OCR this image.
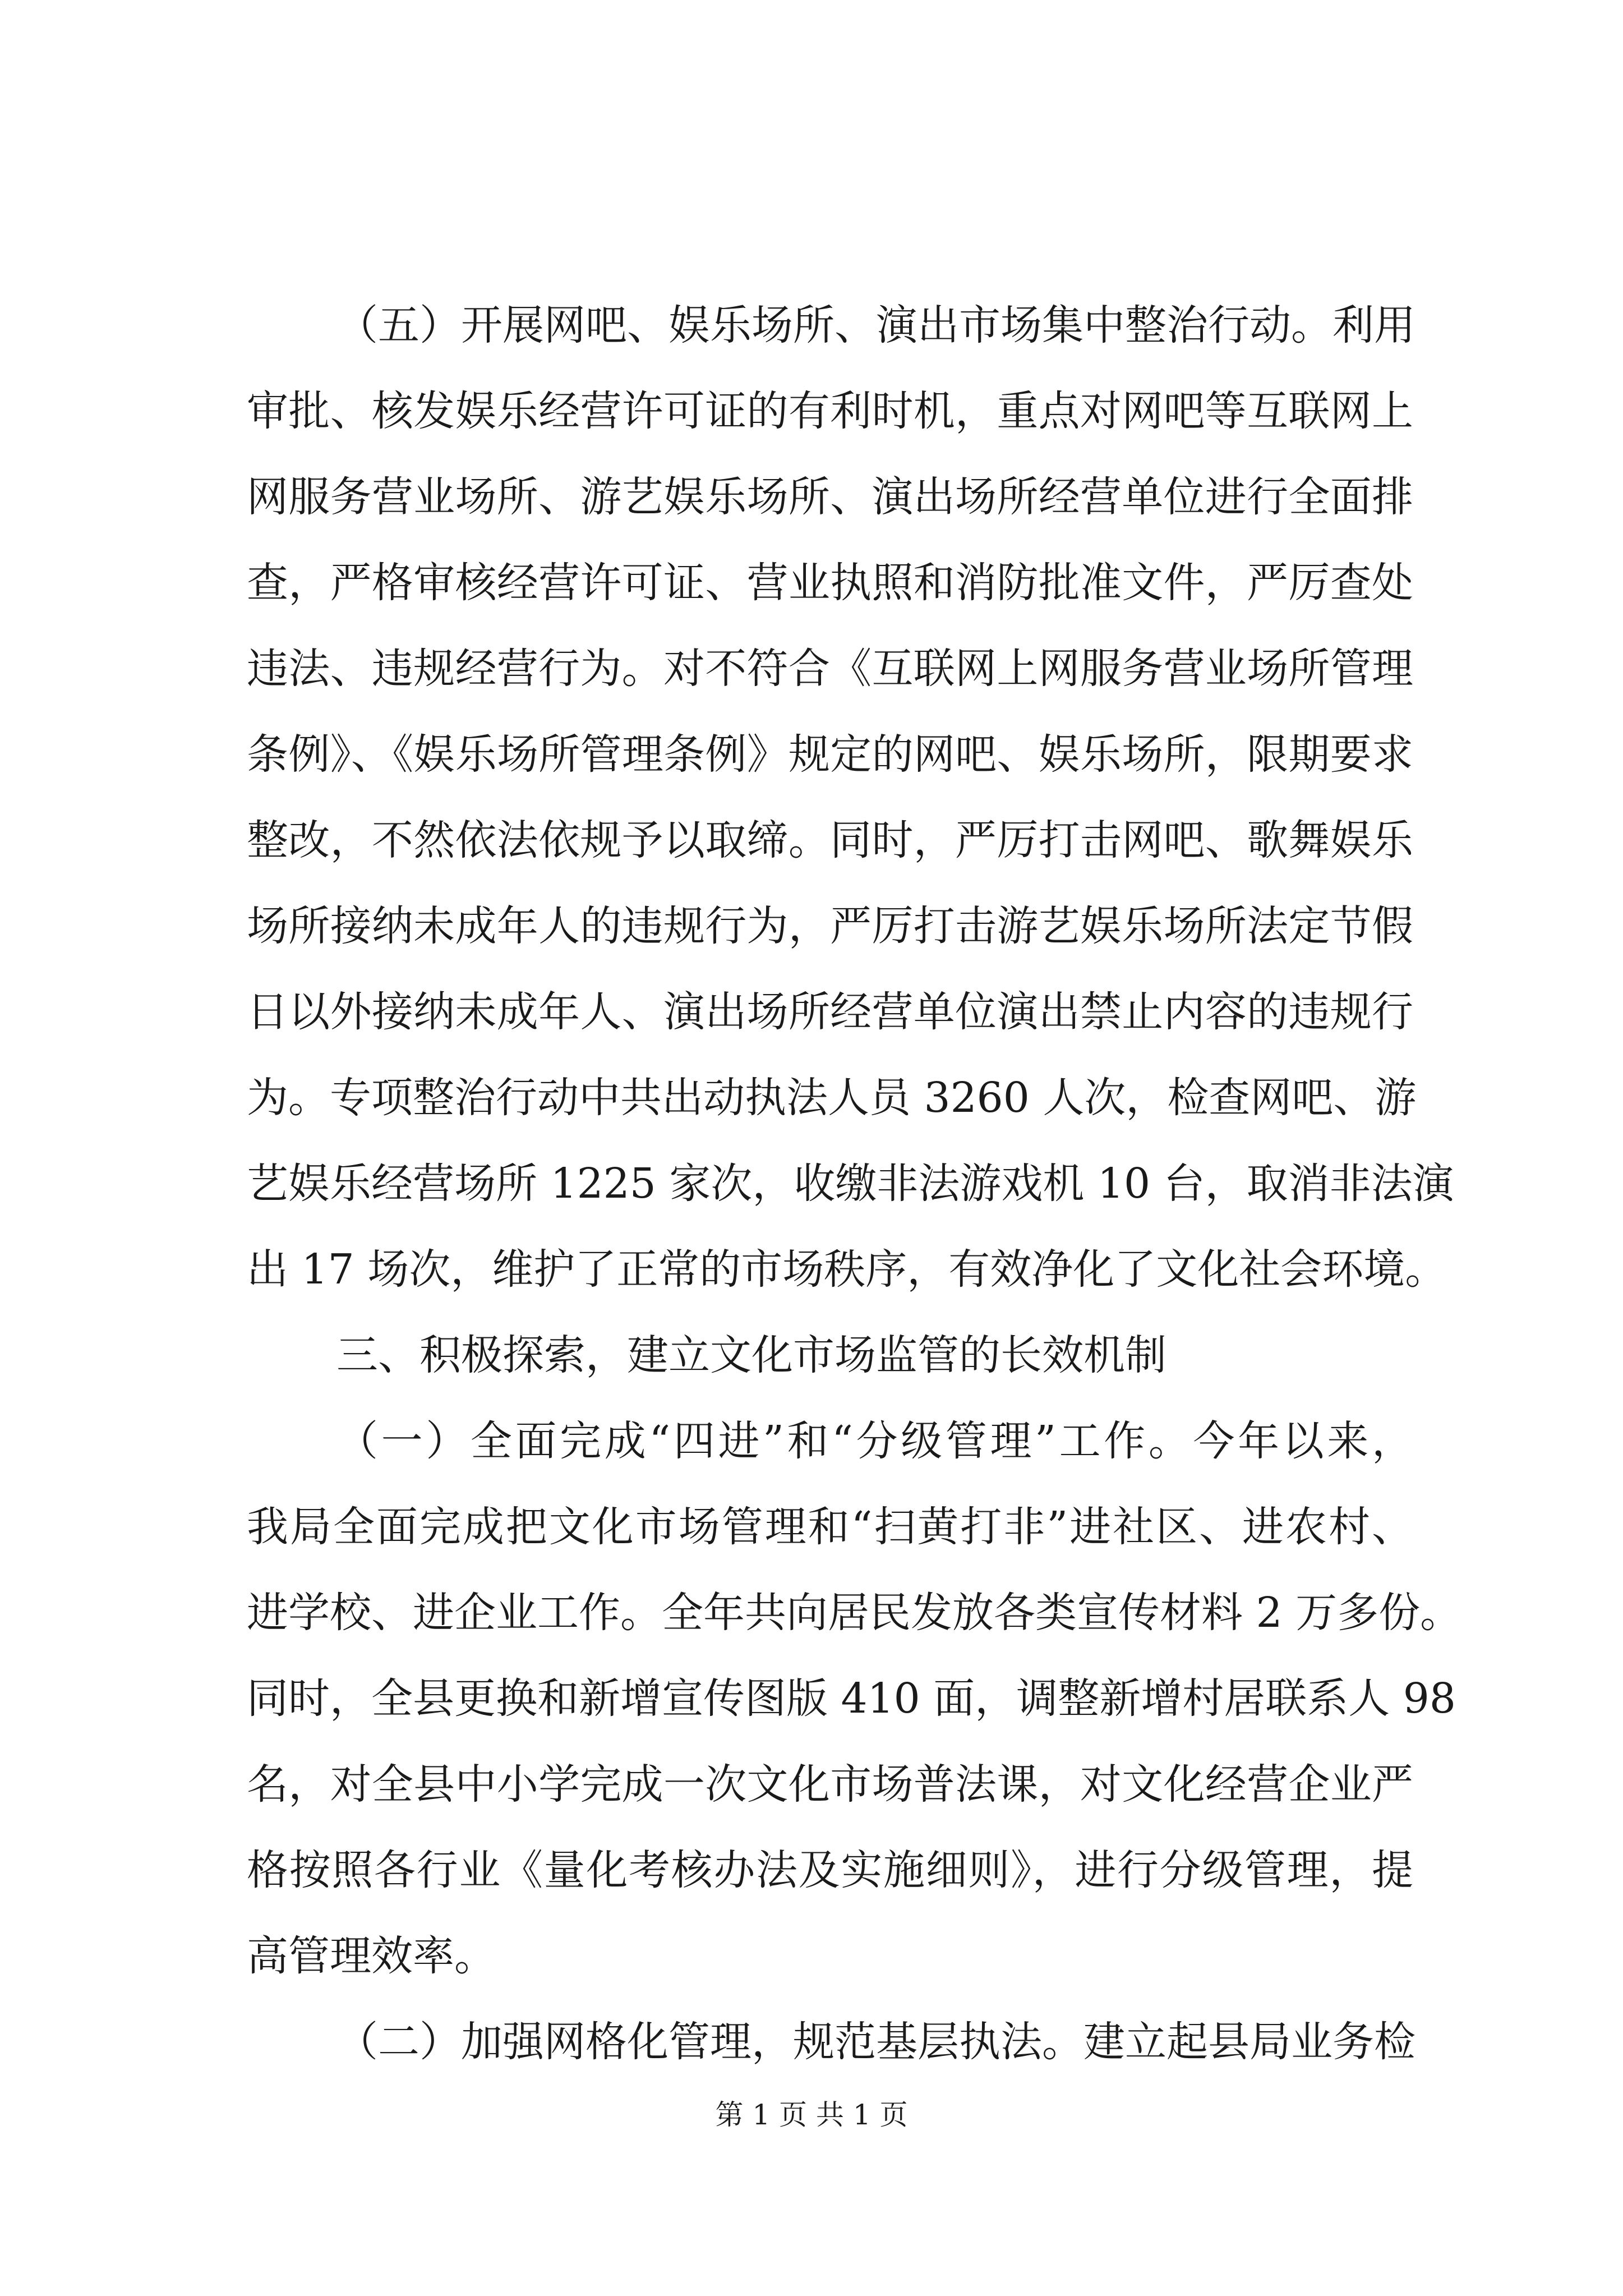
（五）开展网吧、娱乐场所、演出市场集中整治行动。利用
审批、核发娱乐经营许可证的有利时机，重点对网吧等互联网上
网服务营业场所、游艺娱乐场所、演出场所经营单位进行全面排
查，严格审核经营许可证、营业执照和消防批准文件，严厉查处
违法、违规经营行为。对不符合《互联网上网服务营业场所管理
条例》、《娱乐场所管理条例》规定的网吧、娱乐场所，限期要求
整改，不然依法依规予以取缔。同时，严厉打击网吧、歌舞娱乐
场所接纳未成年人的违规行为，严厉打击游艺娱乐场所法定节假
日以外接纳未成年人、演出场所经营单位演出禁止内容的违规行
为。专项整治行动中共出动执法人员 3260 人次，检查网吧、游
艺娱乐经营场所 1225 家次，收缴非法游戏机 10 台，取消非法演
出 17 场次，维护了正常的市场秩序，有效净化了文化社会环境。
三、积极探索，建立文化市场监管的长效机制
（一）全面完成“四进”和“分级管理”工作。今年以来，
我局全面完成把文化市场管理和“扫黄打非”进社区、进农村、
进学校、进企业工作。全年共向居民发放各类宣传材料 2 万多份。
同时，全县更换和新增宣传图版 410 面，调整新增村居联系人 98
名，对全县中小学完成一次文化市场普法课，对文化经营企业严
格按照各行业《量化考核办法及实施细则》，进行分级管理，提
高管理效率。
（二）加强网格化管理，规范基层执法。建立起县局业务检
第 1 页 共 1 页
